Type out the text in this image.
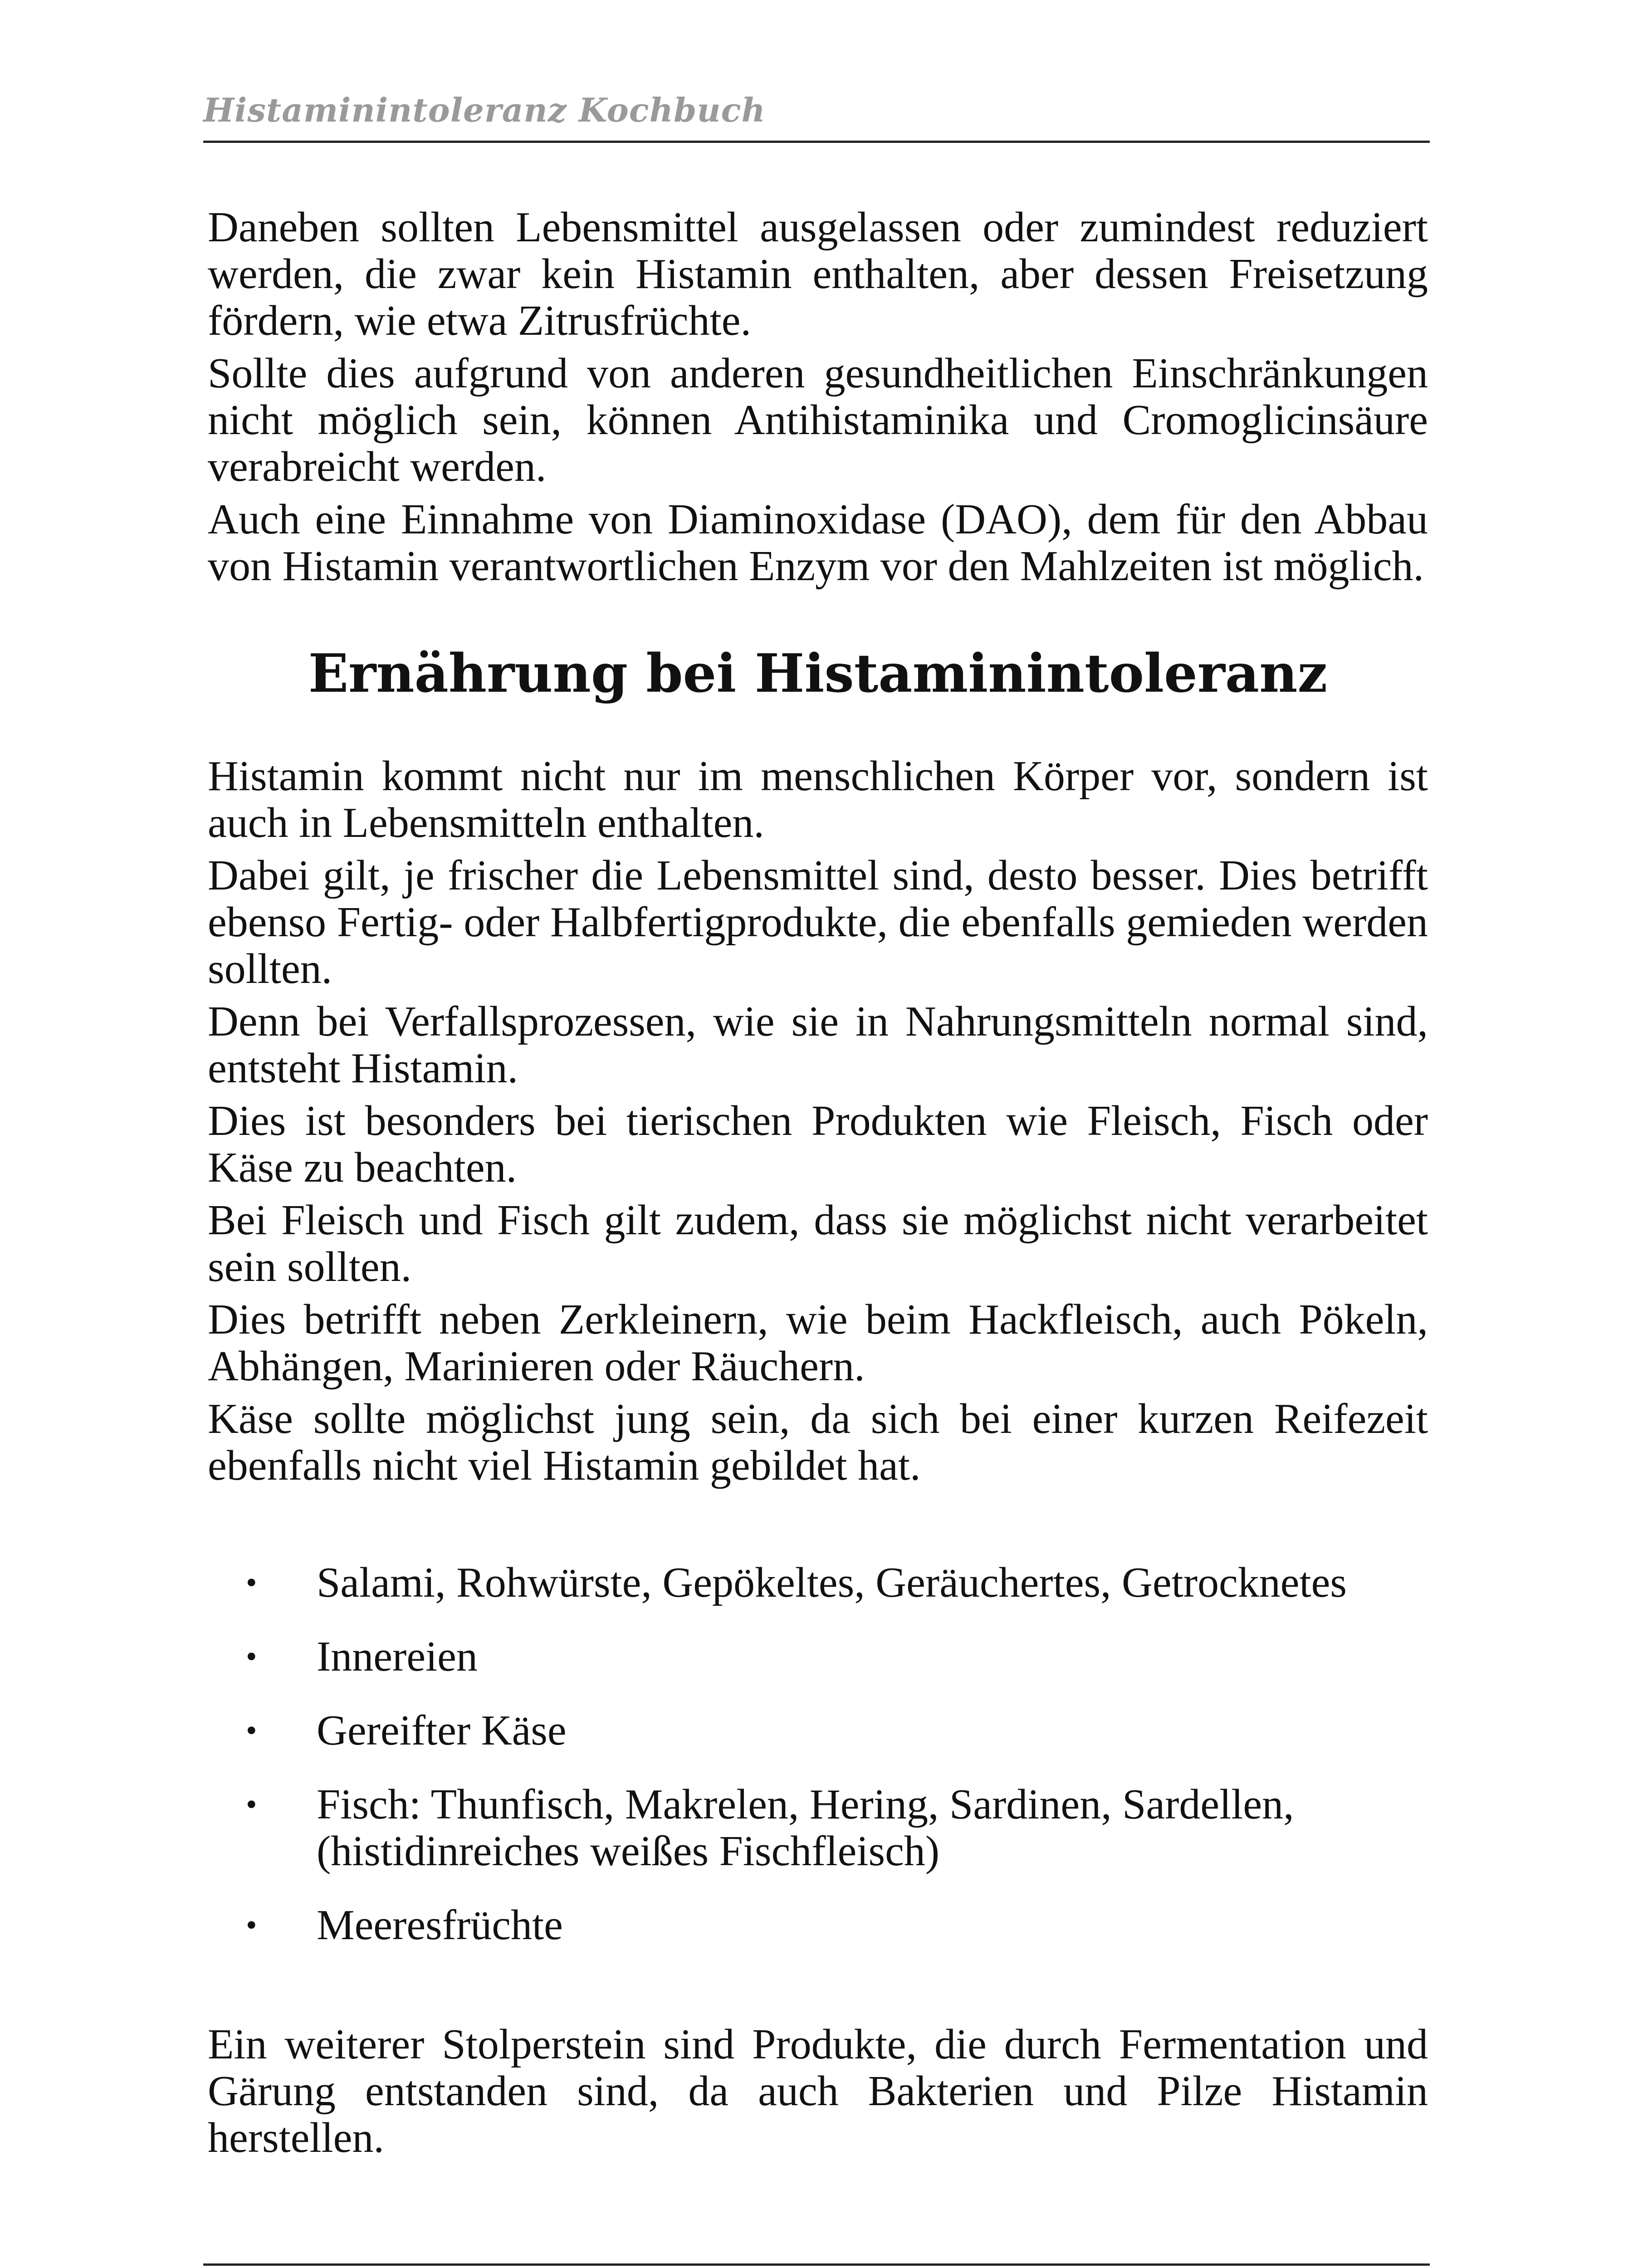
Histaminintoleranz Kochbuch

Daneben sollten Lebensmittel ausgelassen oder zumindest reduziert werden, die zwar kein Histamin enthalten, aber dessen Freisetzung fördern, wie etwa Zitrusfrüchte.

Sollte dies aufgrund von anderen gesundheitlichen Einschränkungen nicht möglich sein, können Antihistaminika und Cromoglicinsäure verabreicht werden.

Auch eine Einnahme von Diaminoxidase (DAO), dem für den Abbau von Histamin verantwortlichen Enzym vor den Mahlzeiten ist möglich.

Ernährung bei Histaminintoleranz

Histamin kommt nicht nur im menschlichen Körper vor, sondern ist auch in Lebensmitteln enthalten.

Dabei gilt, je frischer die Lebensmittel sind, desto besser. Dies betrifft ebenso Fertig- oder Halbfertigprodukte, die ebenfalls gemieden werden sollten.

Denn bei Verfallsprozessen, wie sie in Nahrungsmitteln normal sind, entsteht Histamin.

Dies ist besonders bei tierischen Produkten wie Fleisch, Fisch oder Käse zu beachten.

Bei Fleisch und Fisch gilt zudem, dass sie möglichst nicht verarbeitet sein sollten.

Dies betrifft neben Zerkleinern, wie beim Hackfleisch, auch Pökeln, Abhängen, Marinieren oder Räuchern.

Käse sollte möglichst jung sein, da sich bei einer kurzen Reifezeit ebenfalls nicht viel Histamin gebildet hat.

• Salami, Rohwürste, Gepökeltes, Geräuchertes, Getrocknetes
• Innereien
• Gereifter Käse
• Fisch: Thunfisch, Makrelen, Hering, Sardinen, Sardellen, (histidinreiches weißes Fischfleisch)
• Meeresfrüchte

Ein weiterer Stolperstein sind Produkte, die durch Fermentation und Gärung entstanden sind, da auch Bakterien und Pilze Histamin herstellen.
